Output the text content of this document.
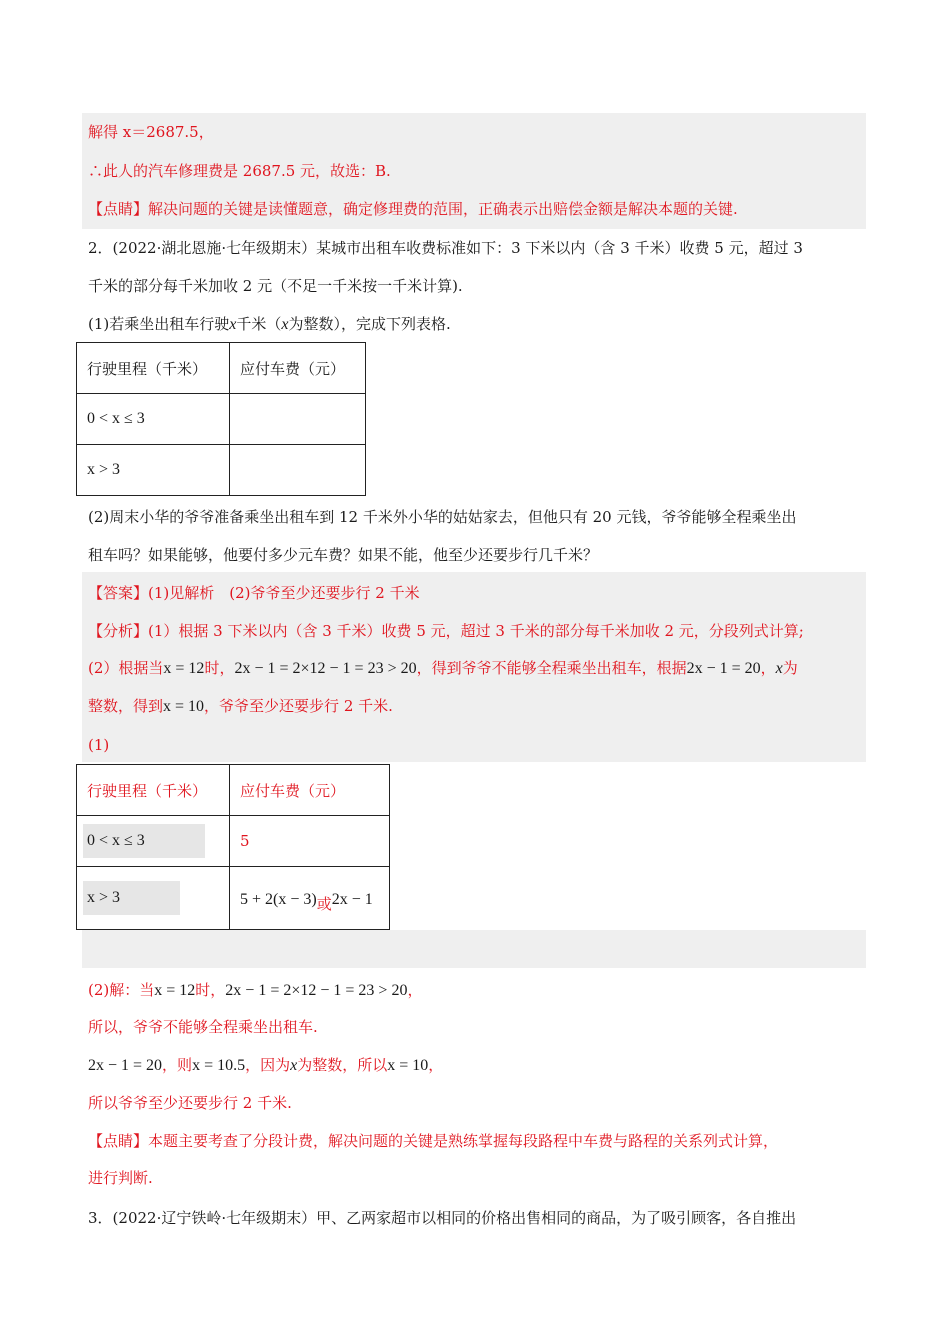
解得 x＝2687.5，
∴此人的汽车修理费是 2687.5 元，故选：B.
【点睛】解决问题的关键是读懂题意，确定修理费的范围，正确表示出赔偿金额是解决本题的关键.
2．(2022·湖北恩施·七年级期末）某城市出租车收费标准如下：3 下米以内（含 3 千米）收费 5 元，超过 3
千米的部分每千米加收 2 元（不足一千米按一千米计算).
(1)若乘坐出租车行驶x千米（x为整数），完成下列表格.
行驶里程（千米）	应付车费（元）
0 < x ≤ 3	
x > 3	
(2)周末小华的爷爷准备乘坐出租车到 12 千米外小华的姑姑家去，但他只有 20 元钱，爷爷能够全程乘坐出
租车吗？如果能够，他要付多少元车费？如果不能，他至少还要步行几千米？
【答案】(1)见解析　(2)爷爷至少还要步行 2 千米
【分析】(1）根据 3 下米以内（含 3 千米）收费 5 元，超过 3 千米的部分每千米加收 2 元，分段列式计算;
(2）根据当x = 12时，2x − 1 = 2×12 − 1 = 23 > 20，得到爷爷不能够全程乘坐出租车，根据2x − 1 = 20，x为
整数，得到x = 10，爷爷至少还要步行 2 千米.
(1)
行驶里程（千米）	应付车费（元）
0 < x ≤ 3	5
x > 3	5 + 2(x − 3)或2x − 1
(2)解：当x = 12时，2x − 1 = 2×12 − 1 = 23 > 20，
所以，爷爷不能够全程乘坐出租车.
2x − 1 = 20，则x = 10.5，因为x为整数，所以x = 10，
所以爷爷至少还要步行 2 千米.
【点睛】本题主要考查了分段计费，解决问题的关键是熟练掌握每段路程中车费与路程的关系列式计算，
进行判断.
3．(2022·辽宁铁岭·七年级期末）甲、乙两家超市以相同的价格出售相同的商品，为了吸引顾客，各自推出
